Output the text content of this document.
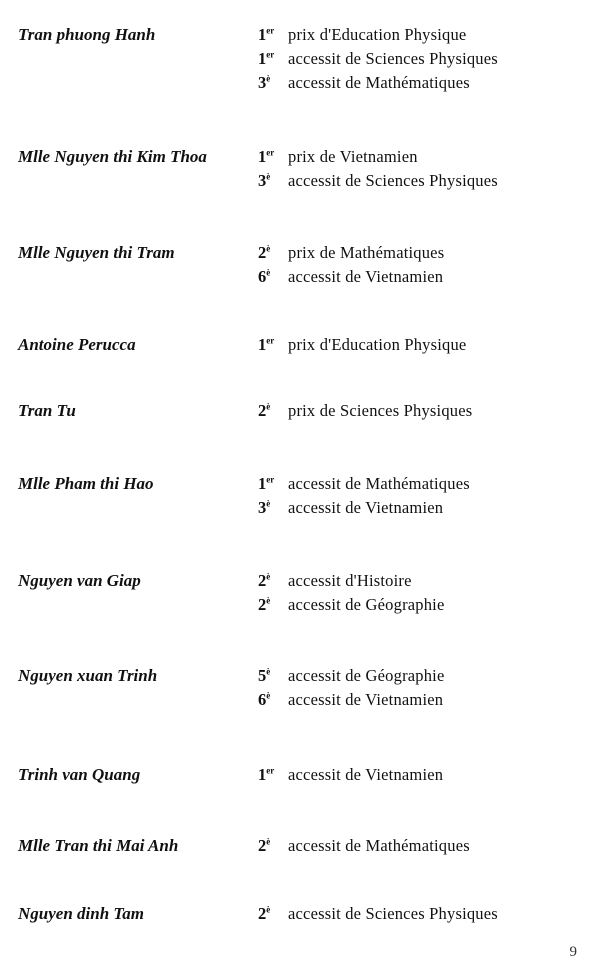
Tran phuong Hanh	1er prix d'Education Physique
1er accessit de Sciences Physiques
$3^è$ accessit de Mathématiques
Mlle Nguyen thi Kim Thoa	1er prix de Vietnamien
$3^è$ accessit de Sciences Physiques
Mlle Nguyen thi Tram	$2^è$ prix de Mathématiques
$6^è$ accessit de Vietnamien
Antoine Perucca	1er prix d'Education Physique
Tran Tu	$2^è$ prix de Sciences Physiques
Mlle Pham thi Hao	1er accessit de Mathématiques
$3^è$ accessit de Vietnamien
Nguyen van Giap	$2^è$ accessit d'Histoire
$2^è$ accessit de Géographie
Nguyen xuan Trinh	$5^è$ accessit de Géographie
$6^è$ accessit de Vietnamien
Trinh van Quang	1er accessit de Vietnamien
Mlle Tran thi Mai Anh	$2^è$ accessit de Mathématiques
Nguyen dinh Tam	$2^è$ accessit de Sciences Physiques
9
